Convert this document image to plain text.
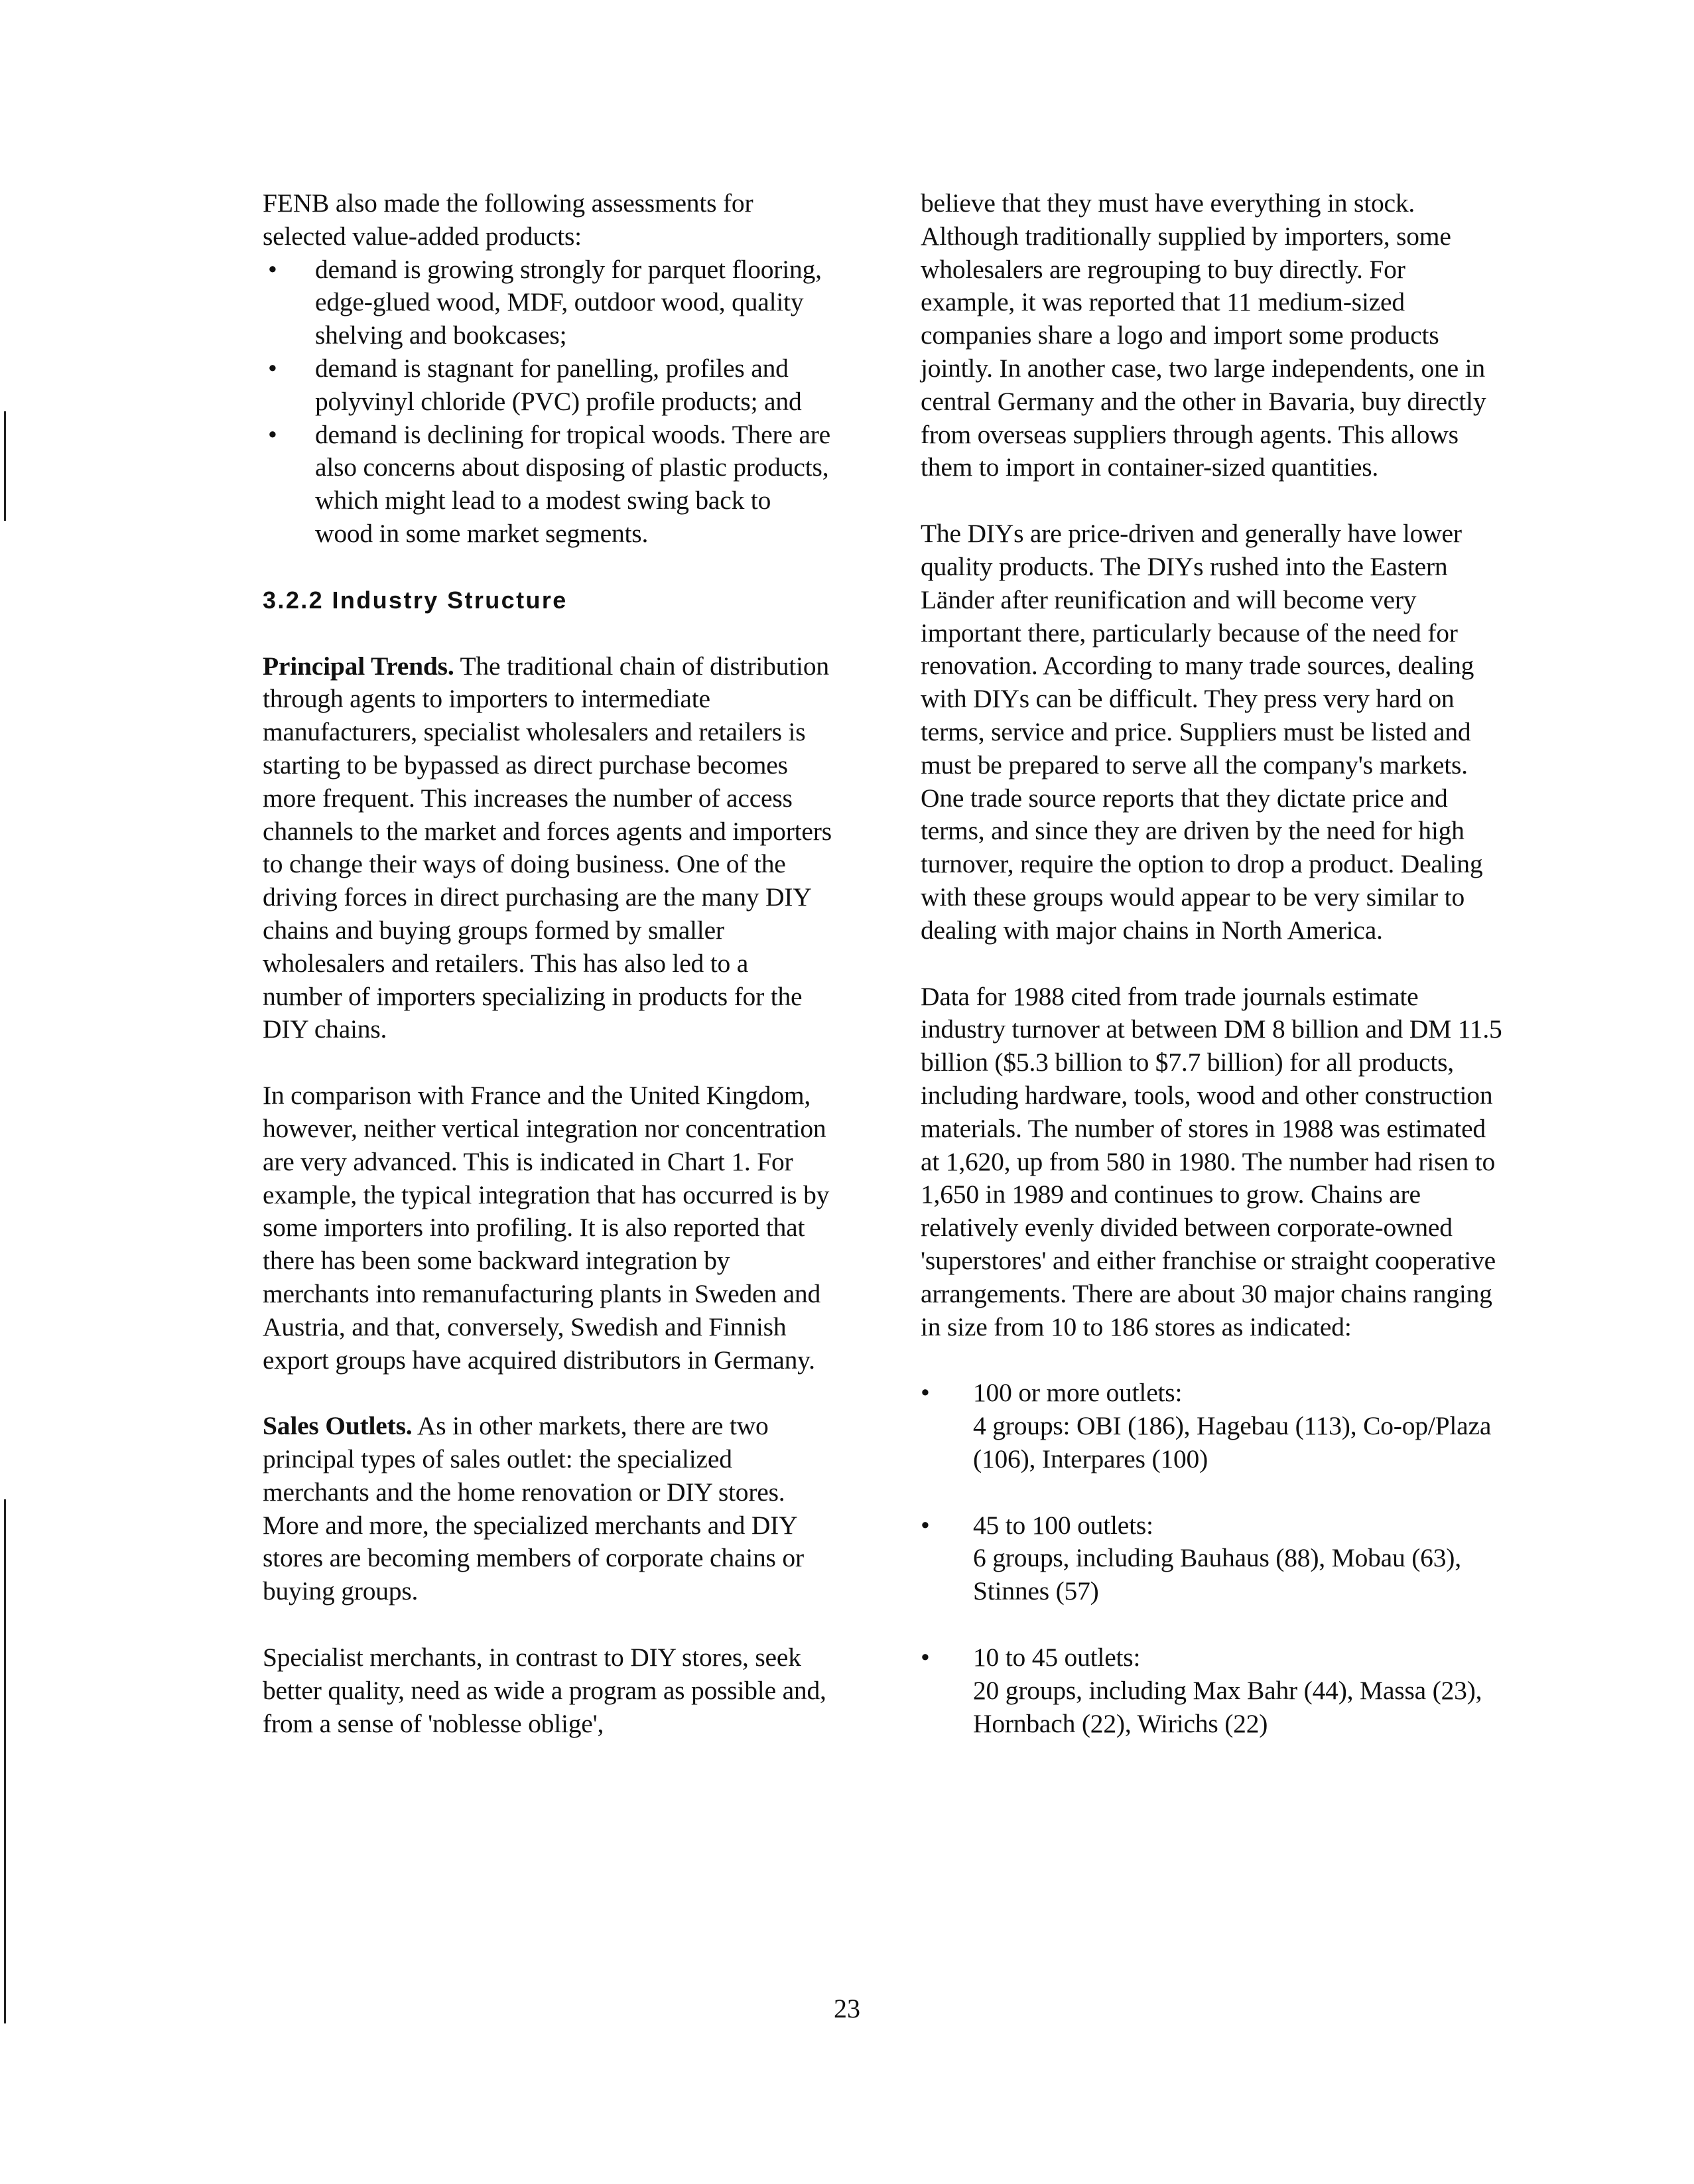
FENB also made the following assessments for selected value-added products:

• demand is growing strongly for parquet flooring, edge-glued wood, MDF, outdoor wood, quality shelving and bookcases;
• demand is stagnant for panelling, profiles and polyvinyl chloride (PVC) profile products; and
• demand is declining for tropical woods. There are also concerns about disposing of plastic products, which might lead to a modest swing back to wood in some market segments.

3.2.2 Industry Structure

Principal Trends. The traditional chain of distribution through agents to importers to intermediate manufacturers, specialist wholesalers and retailers is starting to be bypassed as direct purchase becomes more frequent. This increases the number of access channels to the market and forces agents and importers to change their ways of doing business. One of the driving forces in direct purchasing are the many DIY chains and buying groups formed by smaller wholesalers and retailers. This has also led to a number of importers specializing in products for the DIY chains.

In comparison with France and the United Kingdom, however, neither vertical integration nor concentration are very advanced. This is indicated in Chart 1. For example, the typical integration that has occurred is by some importers into profiling. It is also reported that there has been some backward integration by merchants into remanufacturing plants in Sweden and Austria, and that, conversely, Swedish and Finnish export groups have acquired distributors in Germany.

Sales Outlets. As in other markets, there are two principal types of sales outlet: the specialized merchants and the home renovation or DIY stores. More and more, the specialized merchants and DIY stores are becoming members of corporate chains or buying groups.

Specialist merchants, in contrast to DIY stores, seek better quality, need as wide a program as possible and, from a sense of 'noblesse oblige',

believe that they must have everything in stock. Although traditionally supplied by importers, some wholesalers are regrouping to buy directly. For example, it was reported that 11 medium-sized companies share a logo and import some products jointly. In another case, two large independents, one in central Germany and the other in Bavaria, buy directly from overseas suppliers through agents. This allows them to import in container-sized quantities.

The DIYs are price-driven and generally have lower quality products. The DIYs rushed into the Eastern Länder after reunification and will become very important there, particularly because of the need for renovation. According to many trade sources, dealing with DIYs can be difficult. They press very hard on terms, service and price. Suppliers must be listed and must be prepared to serve all the company's markets. One trade source reports that they dictate price and terms, and since they are driven by the need for high turnover, require the option to drop a product. Dealing with these groups would appear to be very similar to dealing with major chains in North America.

Data for 1988 cited from trade journals estimate industry turnover at between DM 8 billion and DM 11.5 billion ($5.3 billion to $7.7 billion) for all products, including hardware, tools, wood and other construction materials. The number of stores in 1988 was estimated at 1,620, up from 580 in 1980. The number had risen to 1,650 in 1989 and continues to grow. Chains are relatively evenly divided between corporate-owned 'superstores' and either franchise or straight cooperative arrangements. There are about 30 major chains ranging in size from 10 to 186 stores as indicated:

• 100 or more outlets:

4 groups: OBI (186), Hagebau (113), Co-op/Plaza (106), Interpares (100)

• 45 to 100 outlets:

6 groups, including Bauhaus (88), Mobau (63), Stinnes (57)

• 10 to 45 outlets:

20 groups, including Max Bahr (44), Massa (23), Hornbach (22), Wirichs (22)

23
